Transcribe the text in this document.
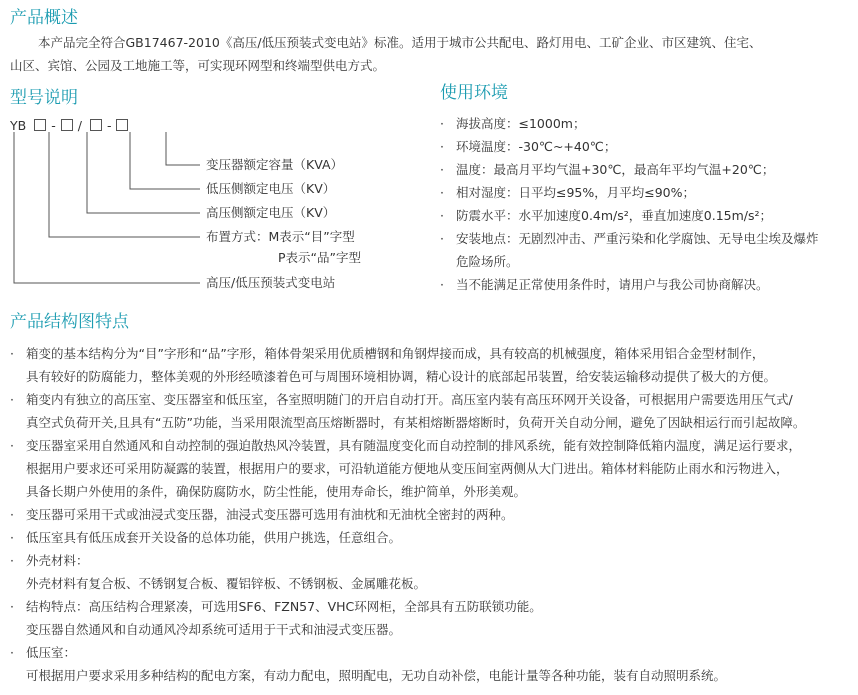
产品概述

本产品完全符合GB17467-2010《高压/低压预装式变电站》标准。适用于城市公共配电、路灯用电、工矿企业、市区建筑、住宅、

山区、宾馆、公园及工地施工等，可实现环网型和终端型供电方式。

型号说明
YB - / -
变压器额定容量（KVA）
低压侧额定电压（KV）
高压侧额定电压（KV）
布置方式：M表示“目”字型
P表示“品”字型
高压/低压预装式变电站
使用环境
· 海拔高度：≤1000m；
· 环境温度：-30℃~+40℃；
· 温度：最高月平均气温+30℃，最高年平均气温+20℃；
· 相对湿度：日平均≤95%，月平均≤90%；
· 防震水平：水平加速度0.4m/s²，垂直加速度0.15m/s²；
· 安装地点：无剧烈冲击、严重污染和化学腐蚀、无导电尘埃及爆炸
危险场所。
· 当不能满足正常使用条件时，请用户与我公司协商解决。
产品结构图特点
· 箱变的基本结构分为“目”字形和“品”字形，箱体骨架采用优质槽钢和角钢焊接而成，具有较高的机械强度，箱体采用铝合金型材制作，
具有较好的防腐能力，整体美观的外形经喷漆着色可与周围环境相协调，精心设计的底部起吊装置，给安装运输移动提供了极大的方便。
· 箱变内有独立的高压室、变压器室和低压室，各室照明随门的开启自动打开。高压室内装有高压环网开关设备，可根据用户需要选用压气式/
真空式负荷开关,且具有“五防”功能，当采用限流型高压熔断器时，有某相熔断器熔断时，负荷开关自动分闸，避免了因缺相运行而引起故障。
· 变压器室采用自然通风和自动控制的强迫散热风冷装置，具有随温度变化而自动控制的排风系统，能有效控制降低箱内温度，满足运行要求，
根据用户要求还可采用防凝露的装置，根据用户的要求，可沿轨道能方便地从变压间室两侧从大门进出。箱体材料能防止雨水和污物进入，
具备长期户外使用的条件，确保防腐防水，防尘性能，使用寿命长，维护简单，外形美观。
· 变压器可采用干式或油浸式变压器，油浸式变压器可选用有油枕和无油枕全密封的两种。
· 低压室具有低压成套开关设备的总体功能，供用户挑选，任意组合。
· 外壳材料：
外壳材料有复合板、不锈钢复合板、覆铝锌板、不锈钢板、金属雕花板。
· 结构特点：高压结构合理紧凑，可选用SF6、FZN57、VHC环网柜，全部具有五防联锁功能。
变压器自然通风和自动通风冷却系统可适用于干式和油浸式变压器。
· 低压室：
可根据用户要求采用多种结构的配电方案，有动力配电，照明配电，无功自动补偿，电能计量等各种功能，装有自动照明系统。
